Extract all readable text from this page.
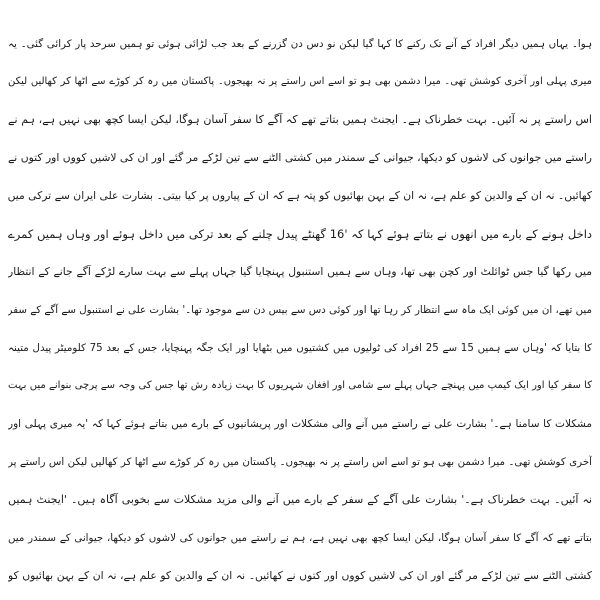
ہوا۔ یہاں ہمیں دیگر افراد کے آنے تک رکنے کا کہا گیا لیکن نو دس دن گزرنے کے بعد جب لڑائی ہوئی تو ہمیں سرحد پار کرائی گئی۔ یہ
میری پہلی اور آخری کوشش تھی۔ میرا دشمن بھی ہو تو اسے اس راستے پر نہ بھیجوں۔ پاکستان میں رہ کر کوڑے سے اٹھا کر کھالیں لیکن
اس راستے پر نہ آئیں۔ بہت خطرناک ہے۔ ایجنٹ ہمیں بتاتے تھے کہ آگے کا سفر آسان ہوگا، لیکن ایسا کچھ بھی نہیں ہے، ہم نے
راستے میں جوانوں کی لاشوں کو دیکھا، جیوانی کے سمندر میں کشتی الٹنے سے تین لڑکے مر گئے اور ان کی لاشیں کووں اور کتوں نے
کھائیں۔ نہ ان کے والدین کو علم ہے، نہ ان کے بہن بھائیوں کو پتہ ہے کہ ان کے پیاروں پر کیا بیتی۔ بشارت علی ایران سے ترکی میں
داخل ہونے کے بارے میں انھوں نے بتاتے ہوئے کہا کہ '16 گھنٹے پیدل چلنے کے بعد ترکی میں داخل ہوئے اور وہاں ہمیں کمرے
میں رکھا گیا جس ٹوائلٹ اور کچن بھی تھا، وہاں سے ہمیں استنبول پہنچایا گیا جہاں پہلے سے بہت سارے لڑکے آگے جانے کے انتظار
میں تھے، ان میں کوئی ایک ماہ سے انتظار کر رہا تھا اور کوئی دس سے بیس دن سے موجود تھا۔' بشارت علی نے استنبول سے آگے کے سفر
کا بتایا کہ 'وہاں سے ہمیں 15 سے 25 افراد کی ٹولیوں میں کشتیوں میں بٹھایا اور ایک جگہ پہنچایا، جس کے بعد 75 کلومیٹر پیدل متینہ
کا سفر کیا اور ایک کیمپ میں پہنچے جہاں پہلے سے شامی اور افغان شہریوں کا بہت زیادہ رش تھا جس کی وجہ سے پرچی بنوانے میں بہت
مشکلات کا سامنا ہے۔' بشارت علی نے راستے میں آنے والی مشکلات اور پریشانیوں کے بارے میں بتاتے ہوئے کہا کہ 'یہ میری پہلی اور
آخری کوشش تھی۔ میرا دشمن بھی ہو تو اسے اس راستے پر نہ بھیجوں۔ پاکستان میں رہ کر کوڑے سے اٹھا کر کھالیں لیکن اس راستے پر
نہ آئیں۔ بہت خطرناک ہے۔' بشارت علی آگے کے سفر کے بارے میں آنے والی مزید مشکلات سے بخوبی آگاہ ہیں۔ 'ایجنٹ ہمیں
بتاتے تھے کہ آگے کا سفر آسان ہوگا، لیکن ایسا کچھ بھی نہیں ہے، ہم نے راستے میں جوانوں کی لاشوں کو دیکھا، جیوانی کے سمندر میں
کشتی الٹنے سے تین لڑکے مر گئے اور ان کی لاشیں کووں اور کتوں نے کھائیں۔ نہ ان کے والدین کو علم ہے، نہ ان کے بہن بھائیوں کو
